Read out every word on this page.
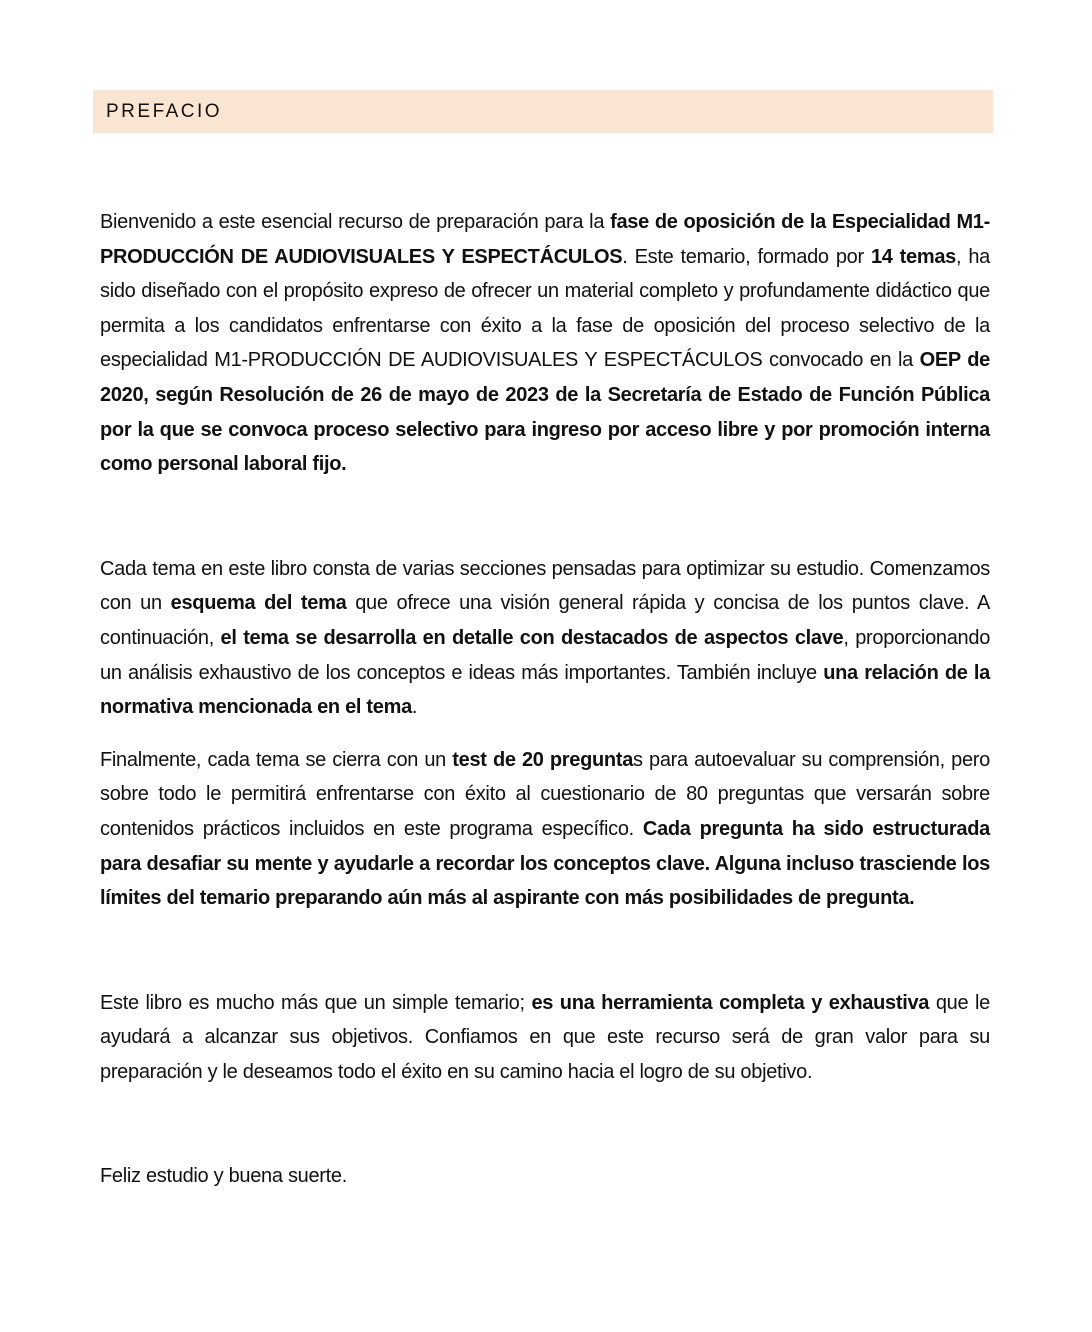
PREFACIO

Bienvenido a este esencial recurso de preparación para la fase de oposición de la Especialidad M1-PRODUCCIÓN DE AUDIOVISUALES Y ESPECTÁCULOS. Este temario, formado por 14 temas, ha sido diseñado con el propósito expreso de ofrecer un material completo y profundamente didáctico que permita a los candidatos enfrentarse con éxito a la fase de oposición del proceso selectivo de la especialidad M1-PRODUCCIÓN DE AUDIOVISUALES Y ESPECTÁCULOS convocado en la OEP de 2020, según Resolución de 26 de mayo de 2023 de la Secretaría de Estado de Función Pública por la que se convoca proceso selectivo para ingreso por acceso libre y por promoción interna como personal laboral fijo.

Cada tema en este libro consta de varias secciones pensadas para optimizar su estudio. Comenzamos con un esquema del tema que ofrece una visión general rápida y concisa de los puntos clave. A continuación, el tema se desarrolla en detalle con destacados de aspectos clave, proporcionando un análisis exhaustivo de los conceptos e ideas más importantes. También incluye una relación de la normativa mencionada en el tema.

Finalmente, cada tema se cierra con un test de 20 preguntas para autoevaluar su comprensión, pero sobre todo le permitirá enfrentarse con éxito al cuestionario de 80 preguntas que versarán sobre contenidos prácticos incluidos en este programa específico. Cada pregunta ha sido estructurada para desafiar su mente y ayudarle a recordar los conceptos clave. Alguna incluso trasciende los límites del temario preparando aún más al aspirante con más posibilidades de pregunta.

Este libro es mucho más que un simple temario; es una herramienta completa y exhaustiva que le ayudará a alcanzar sus objetivos. Confiamos en que este recurso será de gran valor para su preparación y le deseamos todo el éxito en su camino hacia el logro de su objetivo.

Feliz estudio y buena suerte.
